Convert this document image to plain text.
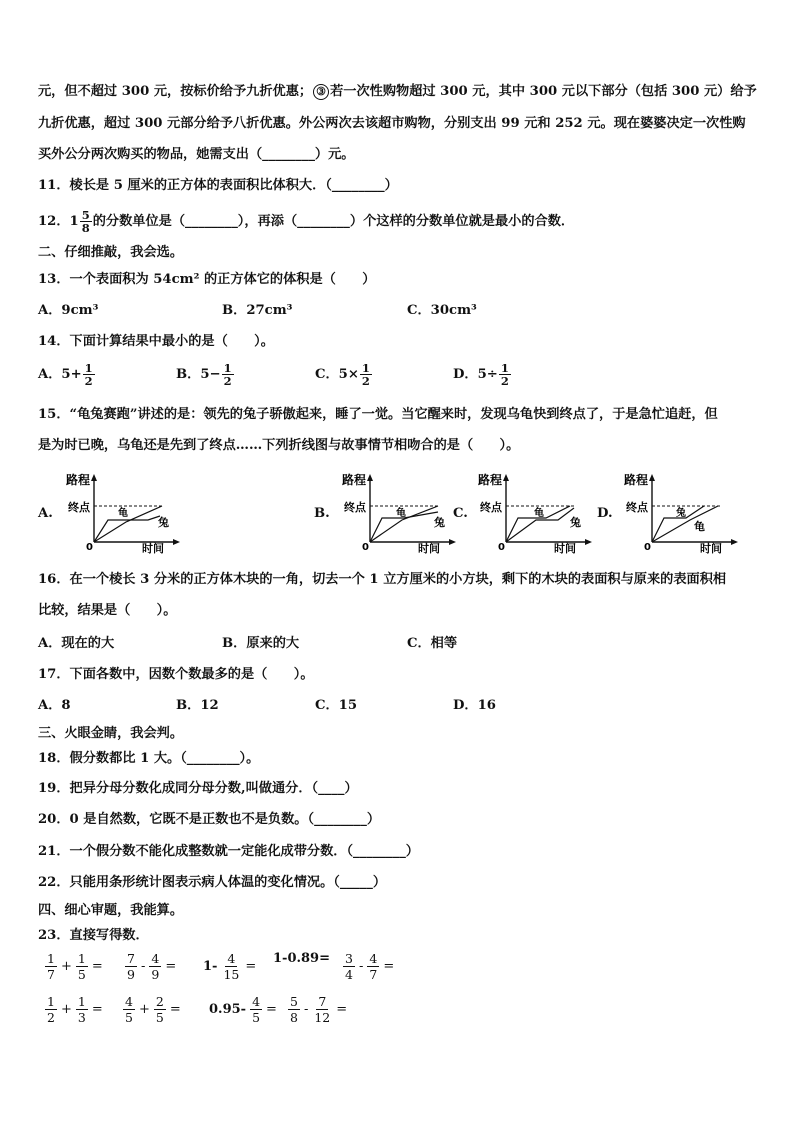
元，但不超过 300 元，按标价给予九折优惠； ③ 若一次性购物超过 300 元，其中 300 元以下部分（包括 300 元）给予
九折优惠，超过 300 元部分给予八折优惠。外公两次去该超市购物，分别支出 99 元和 252 元。现在婆婆决定一次性购
买外公分两次购买的物品，她需支出（________）元。
11．棱长是 5 厘米的正方体的表面积比体积大．（________）
12． $1 \frac{5}{8}$ 的分数单位是（________），再添（________）个这样的分数单位就是最小的合数．
二、仔细推敲，我会选。
13．一个表面积为 54cm² 的正方体它的体积是（　　）
A．9cm³	B．27cm³	C．30cm³
14．下面计算结果中最小的是（　　）。
A．$5+ \frac{1}{2}$	B．$5- \frac{1}{2}$	C．$5\times \frac{1}{2}$	D．$5\div \frac{1}{2}$
15．“龟兔赛跑”讲述的是：领先的兔子骄傲起来，睡了一觉。当它醒来时，发现乌龟快到终点了，于是急忙追赶，但
是为时已晚，乌龟还是先到了终点……下列折线图与故事情节相吻合的是（　　）。
A.	B.	C.	D.
路程
终点
0	时间
龟
兔
路程
终点
0	时间
龟
兔
路程
终点
0	时间
龟
兔
路程
终点
0	时间
兔
龟
16．在一个棱长 3 分米的正方体木块的一角，切去一个 1 立方厘米的小方块，剩下的木块的表面积与原来的表面积相
比较，结果是（　　）。
A．现在的大	B．原来的大	C．相等
17．下面各数中，因数个数最多的是（　　）。
A．8	B．12	C．15	D．16
三、火眼金睛，我会判。
18．假分数都比 1 大。（________）。
19．把异分母分数化成同分母分数,叫做通分．（____）
20．0 是自然数，它既不是正数也不是负数。（________）
21．一个假分数不能化成整数就一定能化成带分数．（________）
22．只能用条形统计图表示病人体温的变化情况。（_____）
四、细心审题，我能算。
23．直接写得数．
$\frac{1}{7} + \frac{1}{5} = \frac{7}{9} - \frac{4}{9} = 1- \frac{4}{15}$ =
$1-0.89= \frac{3}{4} - \frac{4}{7}$ =
$\frac{1}{2} + \frac{1}{3} = \frac{4}{5} + \frac{2}{5} = 0.95- \frac{4}{5} = \frac{5}{8} - \frac{7}{12}$ =
